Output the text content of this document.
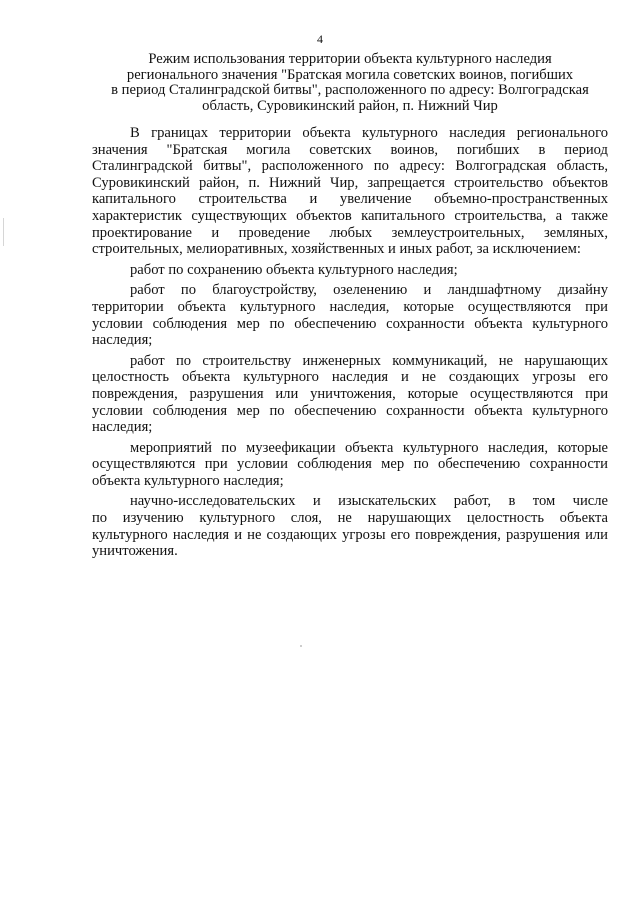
4
Режим использования территории объекта культурного наследия
регионального значения "Братская могила советских воинов, погибших
в период Сталинградской битвы", расположенного по адресу: Волгоградская
область, Суровикинский район, п. Нижний Чир

В границах территории объекта культурного наследия регионального
значения "Братская могила советских воинов, погибших в период
Сталинградской битвы", расположенного по адресу: Волгоградская область,
Суровикинский район, п. Нижний Чир, запрещается строительство объектов
капитального строительства и увеличение объемно-пространственных
характеристик существующих объектов капитального строительства, а также
проектирование и проведение любых землеустроительных, земляных,
строительных, мелиоративных, хозяйственных и иных работ, за исключением:

работ по сохранению объекта культурного наследия;

работ по благоустройству, озеленению и ландшафтному дизайну
территории объекта культурного наследия, которые осуществляются при
условии соблюдения мер по обеспечению сохранности объекта культурного
наследия;

работ по строительству инженерных коммуникаций, не нарушающих
целостность объекта культурного наследия и не создающих угрозы его
повреждения, разрушения или уничтожения, которые осуществляются при
условии соблюдения мер по обеспечению сохранности объекта культурного
наследия;

мероприятий по музеефикации объекта культурного наследия, которые
осуществляются при условии соблюдения мер по обеспечению сохранности
объекта культурного наследия;

научно-исследовательских и изыскательских работ, в том числе
по изучению культурного слоя, не нарушающих целостность объекта
культурного наследия и не создающих угрозы его повреждения, разрушения или
уничтожения.
